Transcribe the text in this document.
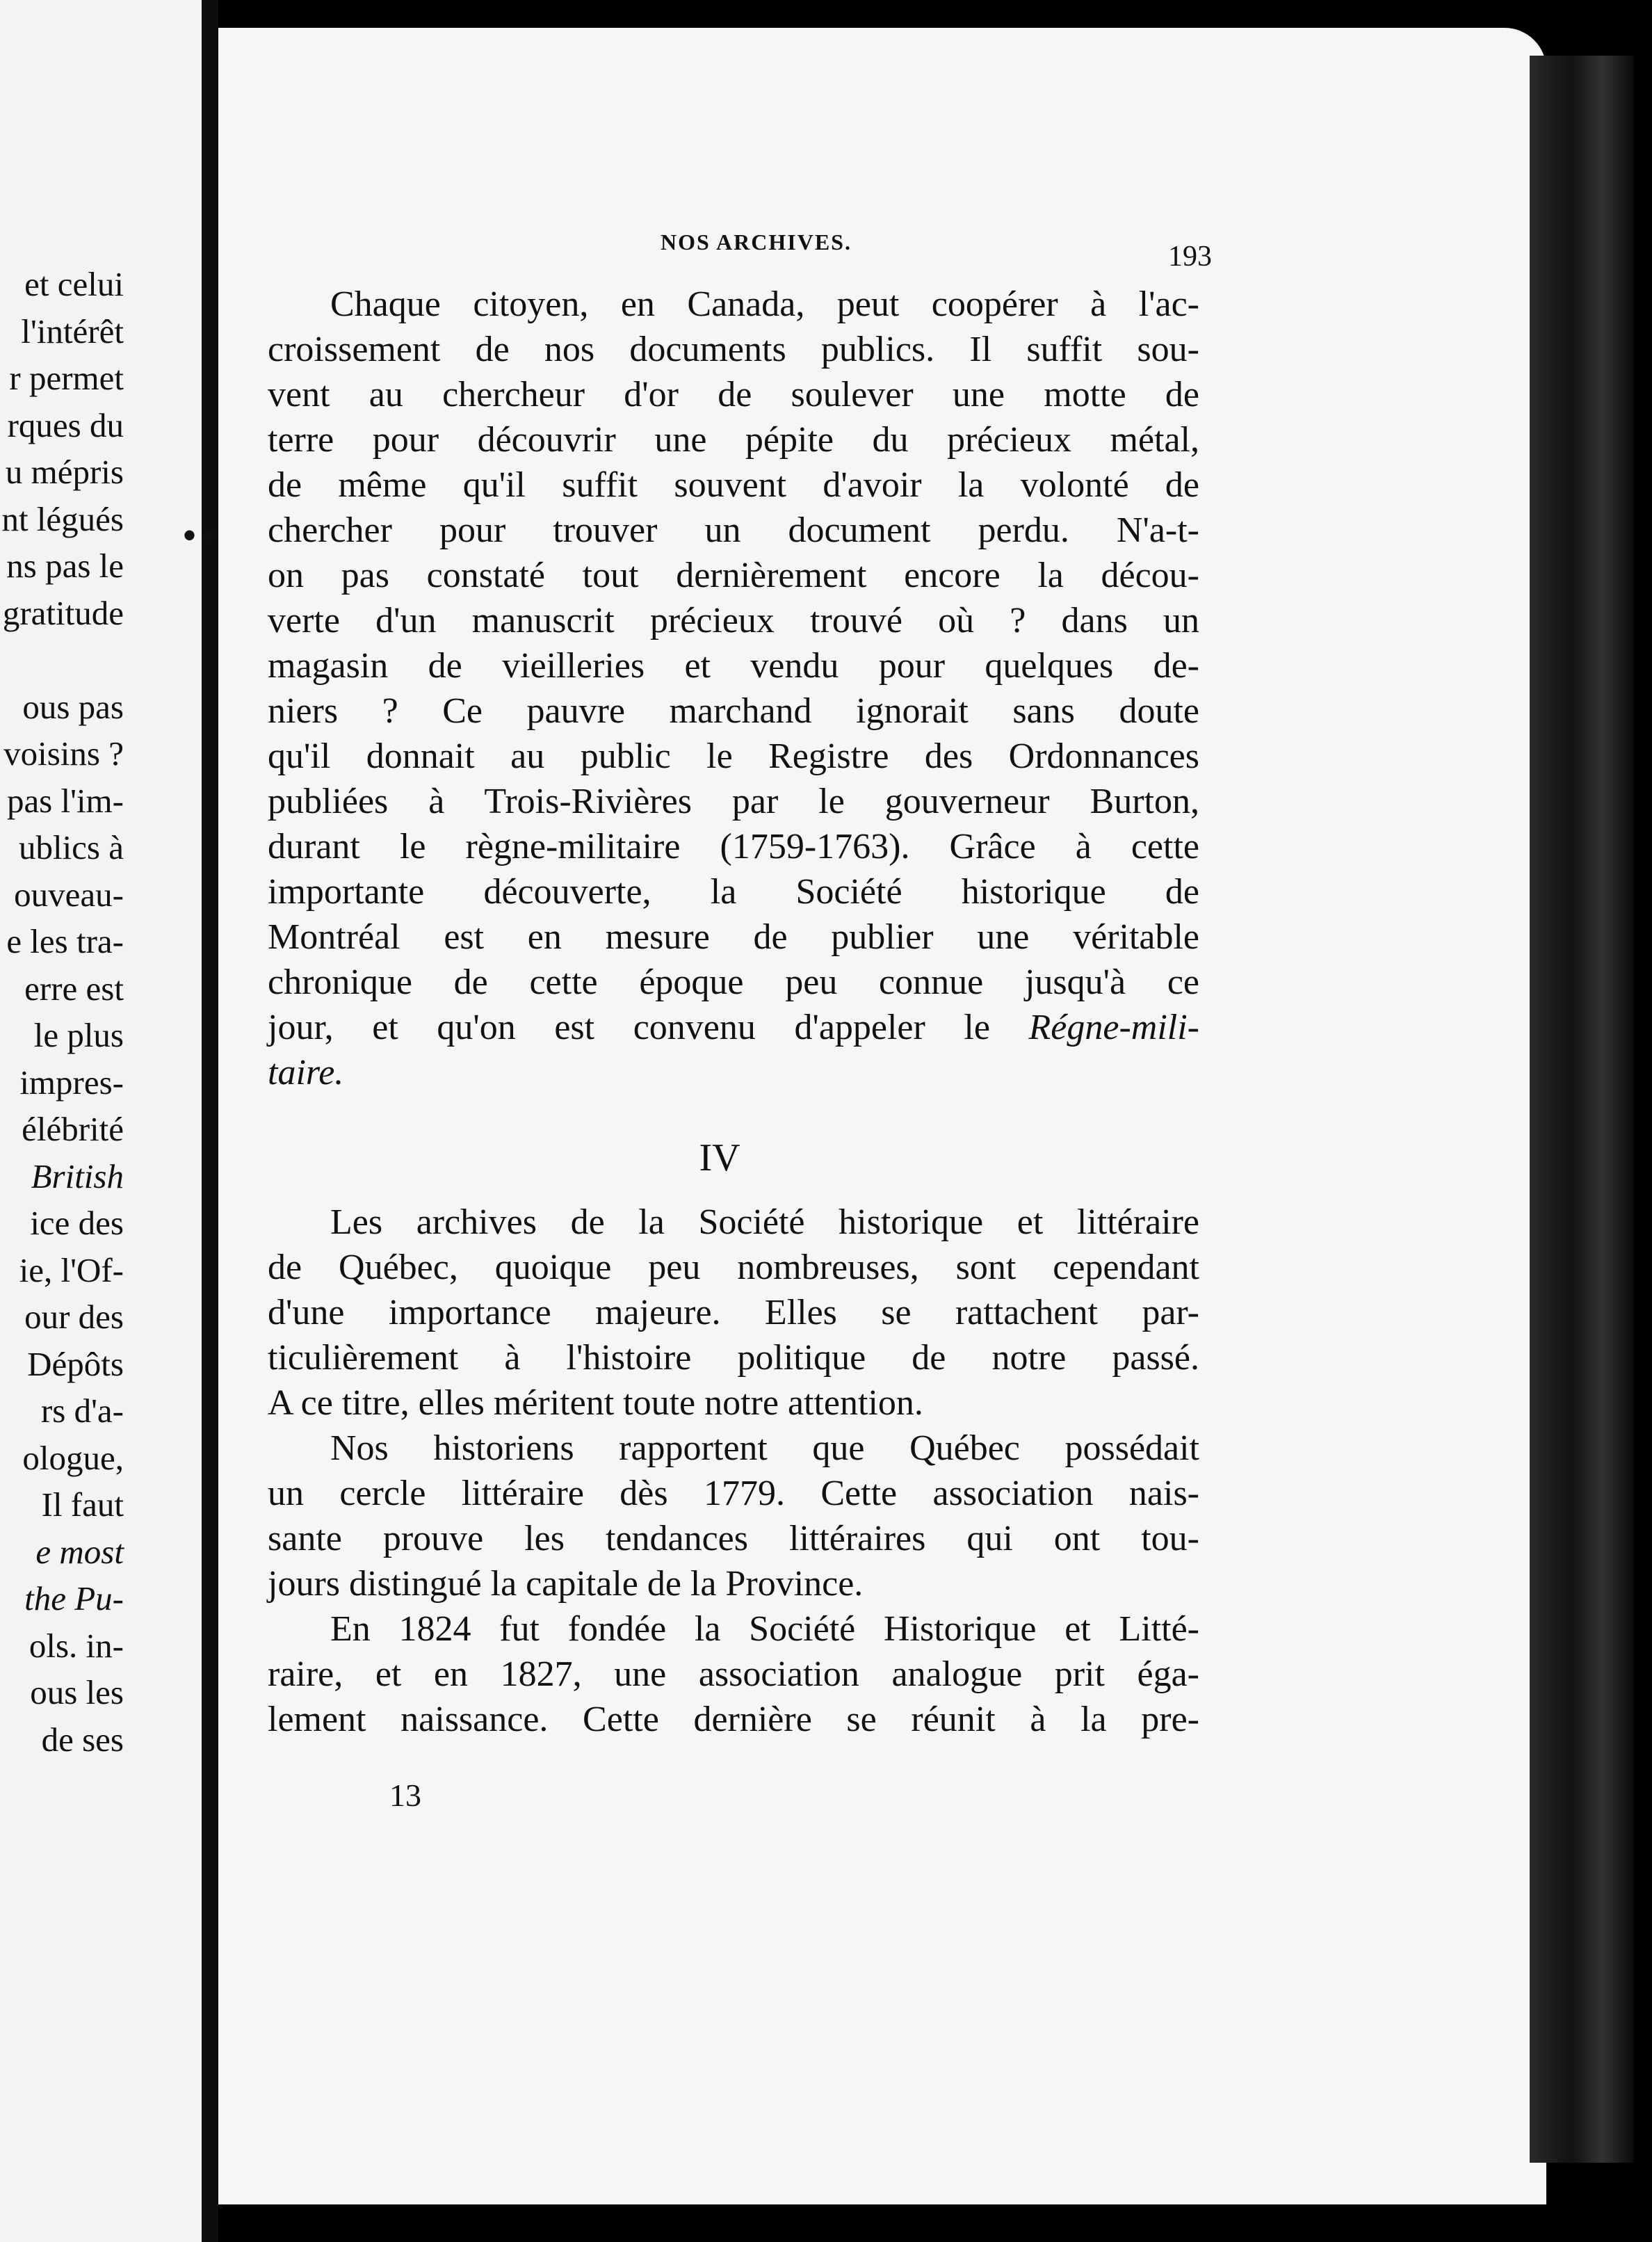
et celui
l'intérêt
r permet
rques du
u mépris
nt légués
ns pas le
gratitude
ous pas
voisins ?
pas l'im-
ublics à
ouveau-
e les tra-
erre est
le plus
impres-
élébrité
British
ice des
ie, l'Of-
our des
Dépôts
rs d'a-
ologue,
Il faut
e most
the Pu-
ols. in-
ous les
de ses
• •
NOS ARCHIVES.	193
Chaque citoyen, en Canada, peut coopérer à l'ac-
croissement de nos documents publics. Il suffit sou-
vent au chercheur d'or de soulever une motte de
terre pour découvrir une pépite du précieux métal,
de même qu'il suffit souvent d'avoir la volonté de
chercher pour trouver un document perdu. N'a-t-
on pas constaté tout dernièrement encore la décou-
verte d'un manuscrit précieux trouvé où ? dans un
magasin de vieilleries et vendu pour quelques de-
niers ? Ce pauvre marchand ignorait sans doute
qu'il donnait au public le Registre des Ordonnances
publiées à Trois-Rivières par le gouverneur Burton,
durant le règne-militaire (1759-1763). Grâce à cette
importante découverte, la Société historique de
Montréal est en mesure de publier une véritable
chronique de cette époque peu connue jusqu'à ce
jour, et qu'on est convenu d'appeler le Régne-mili-
taire.
IV
Les archives de la Société historique et littéraire
de Québec, quoique peu nombreuses, sont cependant
d'une importance majeure. Elles se rattachent par-
ticulièrement à l'histoire politique de notre passé.
A ce titre, elles méritent toute notre attention.
Nos historiens rapportent que Québec possédait
un cercle littéraire dès 1779. Cette association nais-
sante prouve les tendances littéraires qui ont tou-
jours distingué la capitale de la Province.
En 1824 fut fondée la Société Historique et Litté-
raire, et en 1827, une association analogue prit éga-
lement naissance. Cette dernière se réunit à la pre-
13
